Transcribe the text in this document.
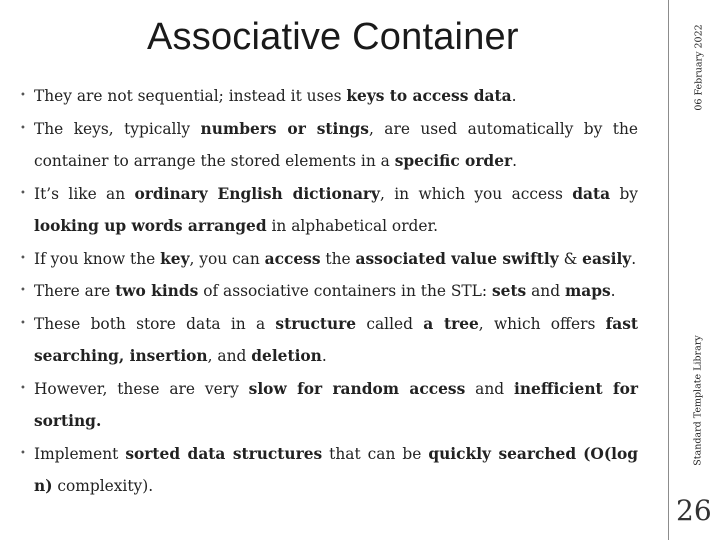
Associative Container
• They are not sequential; instead it uses keys to access data.
• The keys, typically numbers or stings, are used automatically by the container to arrange the stored elements in a specific order.
• It’s like an ordinary English dictionary, in which you access data by looking up words arranged in alphabetical order.
• If you know the key, you can access the associated value swiftly & easily.
• There are two kinds of associative containers in the STL: sets and maps.
• These both store data in a structure called a tree, which offers fast searching, insertion, and deletion.
• However, these are very slow for random access and inefficient for sorting.
• Implement sorted data structures that can be quickly searched (O(log n) complexity).
06 February 2022
Standard Template Library
26
